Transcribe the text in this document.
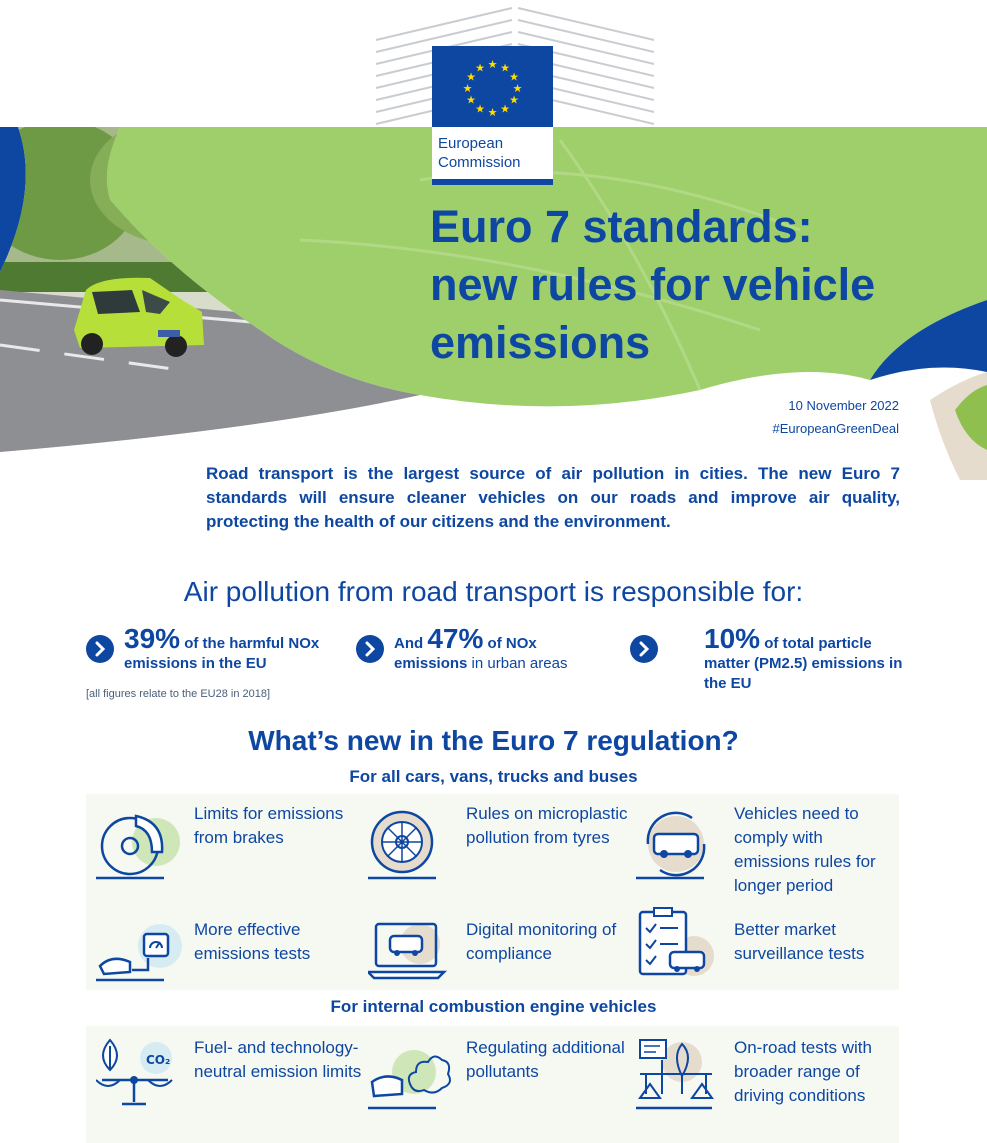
★ ★
★
★
★
★
★
★
★
★
★
★
European
Commission
Euro 7 standards:
new rules for vehicle
emissions
10 November 2022
#EuropeanGreenDeal
Road transport is the largest source of air pollution in cities. The new Euro 7 standards will ensure cleaner vehicles on our roads and improve air quality, protecting the health of our citizens and the environment.
Air pollution from road transport is responsible for:
39% of the harmful NOx emissions in the EU
And 47% of NOx emissions in urban areas
10% of total particle matter (PM2.5) emissions in the EU
[all figures relate to the EU28 in 2018]
What’s new in the Euro 7 regulation?
For all cars, vans, trucks and buses
Limits for emissions from brakes
Rules on microplastic pollution from tyres
Vehicles need to comply with emissions rules for longer period
More effective emissions tests
Digital monitoring of compliance
Better market surveillance tests
For internal combustion engine vehicles
CO₂
Fuel- and technology-neutral emission limits
Regulating additional pollutants
On-road tests with broader range of driving conditions
